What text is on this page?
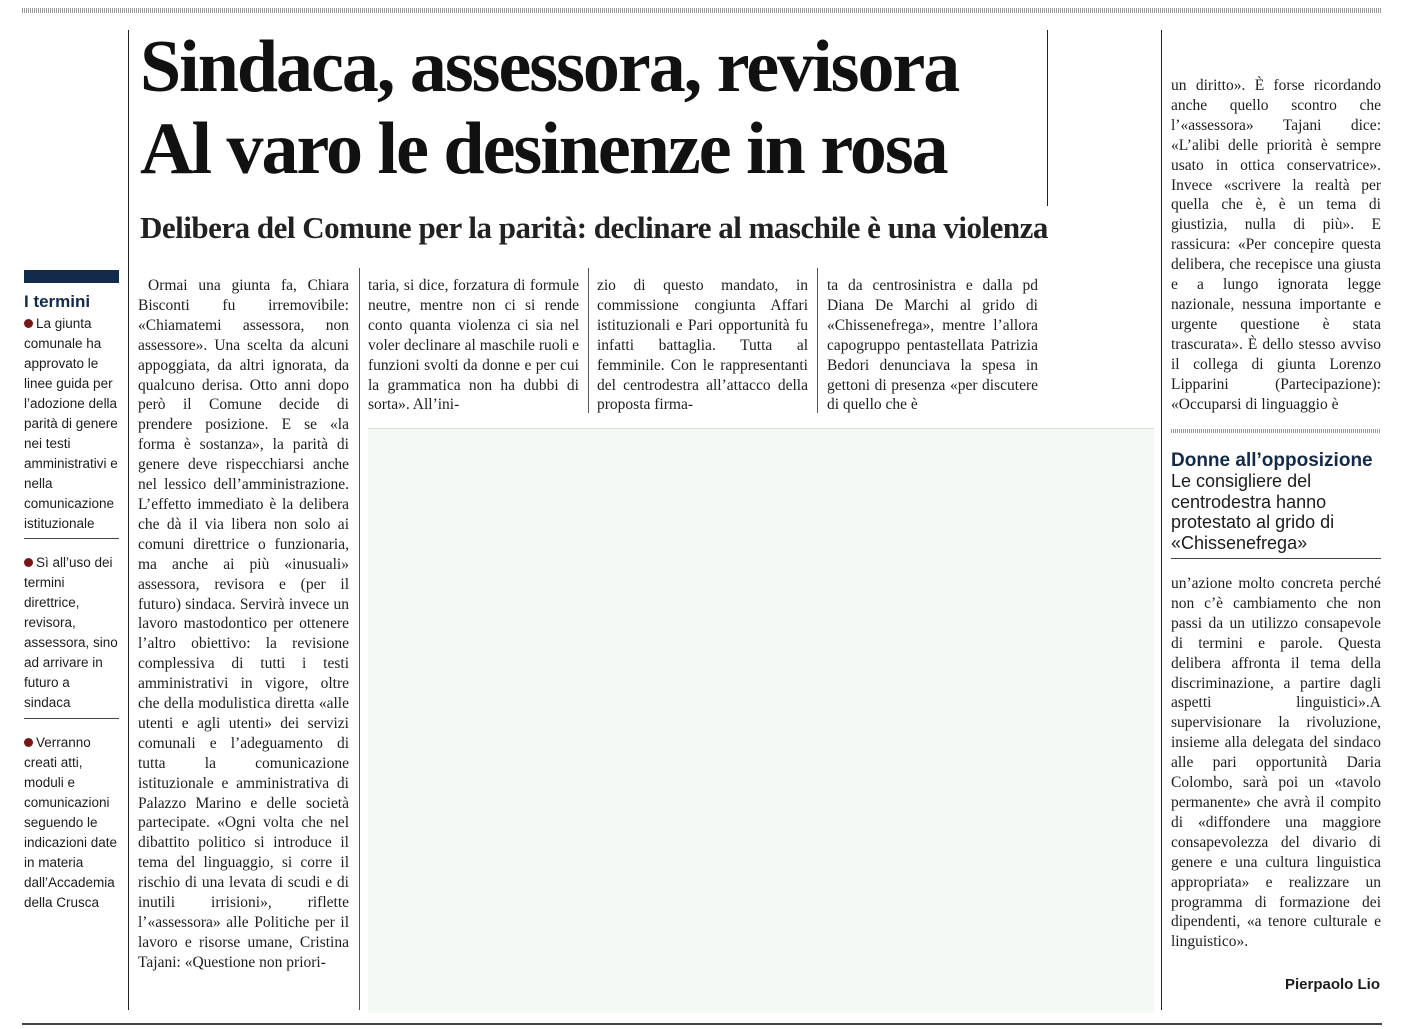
Sindaca, assessora, revisora
Al varo le desinenze in rosa
Delibera del Comune per la parità: declinare al maschile è una violenza
I termini

La giunta comunale ha approvato le linee guida per l’adozione della parità di genere nei testi amministrativi e nella comunicazione istituzionale

Sì all’uso dei termini direttrice, revisora, assessora, sino ad arrivare in futuro a sindaca

Verranno creati atti, moduli e comunicazioni seguendo le indicazioni date in materia dall’Accademia della Crusca

Ormai una giunta fa, Chiara Bisconti fu irremovibile: «Chiamatemi assessora, non assessore». Una scelta da alcuni appoggiata, da altri ignorata, da qualcuno derisa. Otto anni dopo però il Comune decide di prendere posizione. E se «la forma è sostanza», la parità di genere deve rispecchiarsi anche nel lessico dell’amministrazione. L’effetto immediato è la delibera che dà il via libera non solo ai comuni direttrice o funzionaria, ma anche ai più «inusuali» assessora, revisora e (per il futuro) sindaca. Servirà invece un lavoro mastodontico per ottenere l’altro obiettivo: la revisione complessiva di tutti i testi amministrativi in vigore, oltre che della modulistica diretta «alle utenti e agli utenti» dei servizi comunali e l’adeguamento di tutta la comunicazione istituzionale e amministrativa di Palazzo Marino e delle società partecipate. «Ogni volta che nel dibattito politico si introduce il tema del linguaggio, si corre il rischio di una levata di scudi e di inutili irrisioni», riflette l’«assessora» alle Politiche per il lavoro e risorse umane, Cristina Tajani: «Questione non priori-

taria, si dice, forzatura di formule neutre, mentre non ci si rende conto quanta violenza ci sia nel voler declinare al maschile ruoli e funzioni svolti da donne e per cui la grammatica non ha dubbi di sorta». All’ini-

zio di questo mandato, in commissione congiunta Affari istituzionali e Pari opportunità fu infatti battaglia. Tutta al femminile. Con le rappresentanti del centrodestra all’attacco della proposta firma-

ta da centrosinistra e dalla pd Diana De Marchi al grido di «Chissenefrega», mentre l’allora capogruppo pentastellata Patrizia Bedori denunciava la spesa in gettoni di presenza «per discutere di quello che è

un diritto». È forse ricordando anche quello scontro che l’«assessora» Tajani dice: «L’alibi delle priorità è sempre usato in ottica conservatrice». Invece «scrivere la realtà per quella che è, è un tema di giustizia, nulla di più». E rassicura: «Per concepire questa delibera, che recepisce una giusta e a lungo ignorata legge nazionale, nessuna importante e urgente questione è stata trascurata». È dello stesso avviso il collega di giunta Lorenzo Lipparini (Partecipazione): «Occuparsi di linguaggio è

Donne all’opposizione

Le consigliere del centrodestra hanno protestato al grido di «Chissenefrega»

un’azione molto concreta perché non c’è cambiamento che non passi da un utilizzo consapevole di termini e parole. Questa delibera affronta il tema della discriminazione, a partire dagli aspetti linguistici».A supervisionare la rivoluzione, insieme alla delegata del sindaco alle pari opportunità Daria Colombo, sarà poi un «tavolo permanente» che avrà il compito di «diffondere una maggiore consapevolezza del divario di genere e una cultura linguistica appropriata» e realizzare un programma di formazione dei dipendenti, «a tenore culturale e linguistico».

Pierpaolo Lio
